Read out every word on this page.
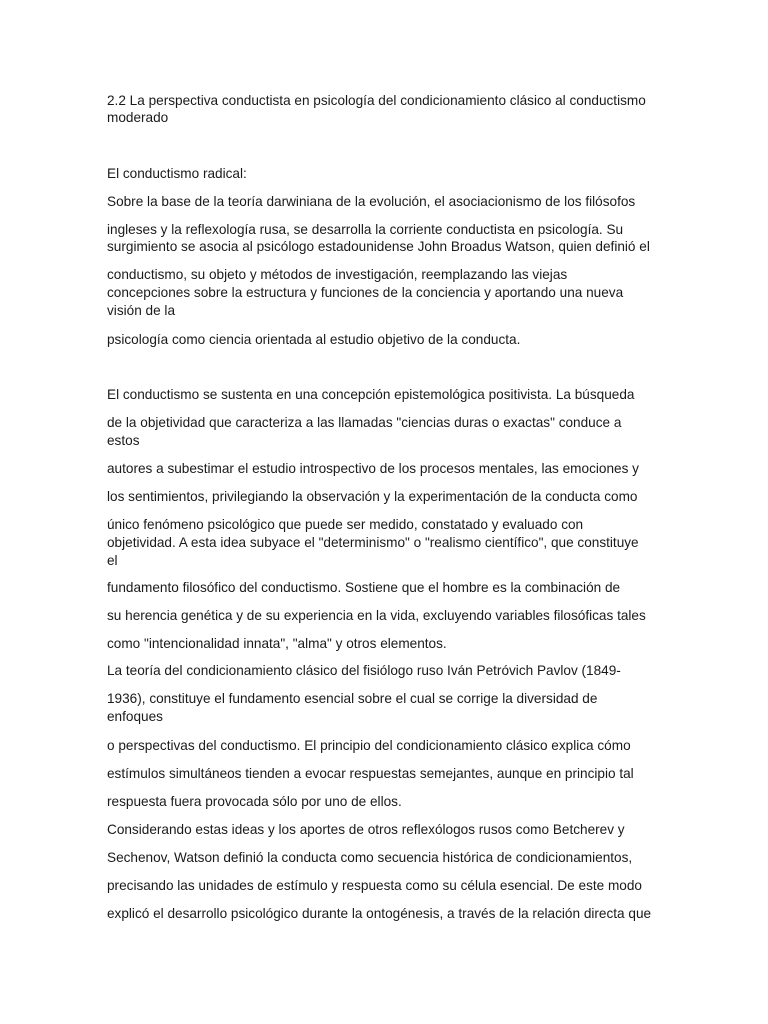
2.2 La perspectiva conductista en psicología del condicionamiento clásico al conductismo

moderado

El conductismo radical:

Sobre la base de la teoría darwiniana de la evolución, el asociacionismo de los filósofos

ingleses y la reflexología rusa, se desarrolla la corriente conductista en psicología. Su

surgimiento se asocia al psicólogo estadounidense John Broadus Watson, quien definió el

conductismo, su objeto y métodos de investigación, reemplazando las viejas

concepciones sobre la estructura y funciones de la conciencia y aportando una nueva

visión de la

psicología como ciencia orientada al estudio objetivo de la conducta.

El conductismo se sustenta en una concepción epistemológica positivista. La búsqueda

de la objetividad que caracteriza a las llamadas "ciencias duras o exactas" conduce a

estos

autores a subestimar el estudio introspectivo de los procesos mentales, las emociones y

los sentimientos, privilegiando la observación y la experimentación de la conducta como

único fenómeno psicológico que puede ser medido, constatado y evaluado con

objetividad. A esta idea subyace el "determinismo" o "realismo científico", que constituye

el

fundamento filosófico del conductismo. Sostiene que el hombre es la combinación de

su herencia genética y de su experiencia en la vida, excluyendo variables filosóficas tales

como "intencionalidad innata", "alma" y otros elementos.

La teoría del condicionamiento clásico del fisiólogo ruso Iván Petróvich Pavlov (1849-

1936), constituye el fundamento esencial sobre el cual se corrige la diversidad de

enfoques

o perspectivas del conductismo. El principio del condicionamiento clásico explica cómo

estímulos simultáneos tienden a evocar respuestas semejantes, aunque en principio tal

respuesta fuera provocada sólo por uno de ellos.

Considerando estas ideas y los aportes de otros reflexólogos rusos como Betcherev y

Sechenov, Watson definió la conducta como secuencia histórica de condicionamientos,

precisando las unidades de estímulo y respuesta como su célula esencial. De este modo

explicó el desarrollo psicológico durante la ontogénesis, a través de la relación directa que
